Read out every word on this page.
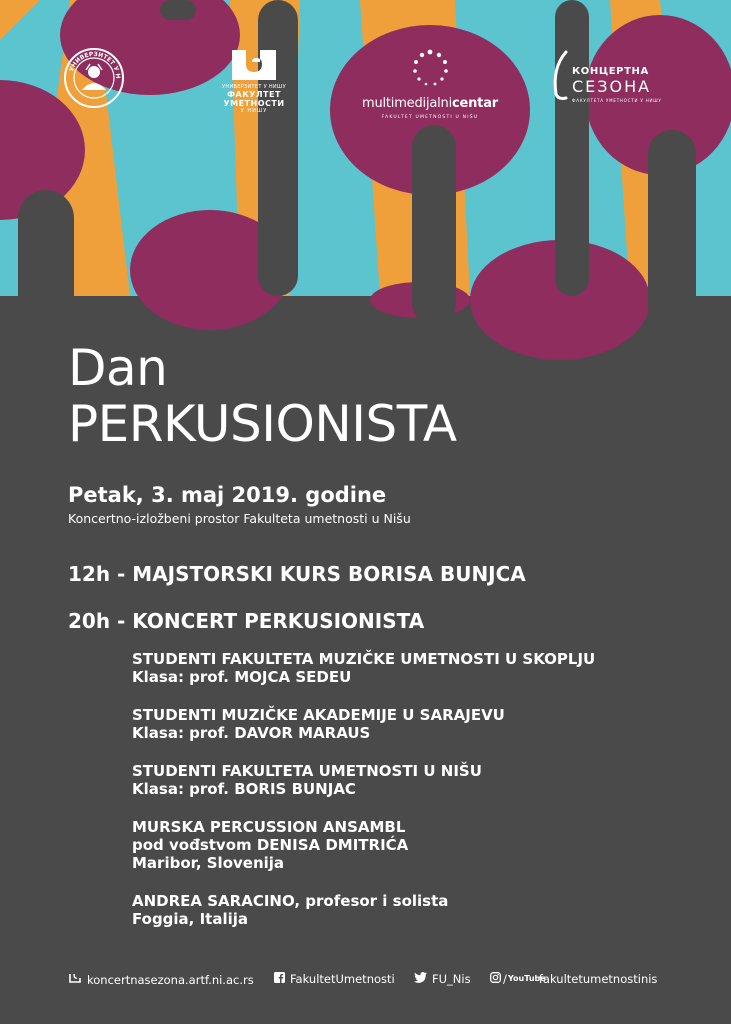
УНИВЕРЗИТЕТ У Н
УНИВЕРЗИТЕТ У НИШУ
ФАКУЛТЕТ
УМЕТНОСТИ
У НИШУ	multimedijalnicentar
FAKULTET UMETNOSTI U NIŠU
КОНЦЕРТНА
СЕЗОНА
ФАКУЛТЕТА УМЕТНОСТИ У НИШУ
Dan
PERKUSIONISTA
Petak, 3. maj 2019. godine
Koncertno-izložbeni prostor Fakulteta umetnosti u Nišu
12h - MAJSTORSKI KURS BORISA BUNJCA
20h - KONCERT PERKUSIONISTA
STUDENTI FAKULTETA MUZIČKE UMETNOSTI U SKOPLJU
Klasa: prof. MOJCA SEDEU
STUDENTI MUZIČKE AKADEMIJE U SARAJEVU
Klasa: prof. DAVOR MARAUS
STUDENTI FAKULTETA UMETNOSTI U NIŠU
Klasa: prof. BORIS BUNJAC
MURSKA PERCUSSION ANSAMBL
pod vođstvom DENISA DMITRIĆA
Maribor, Slovenija
ANDREA SARACINO, profesor i solista
Foggia, Italija
koncertnasezona.artf.ni.ac.rs	FakultetUmetnosti	FU_Nis	/ YouTube
fakultetumetnostinis
